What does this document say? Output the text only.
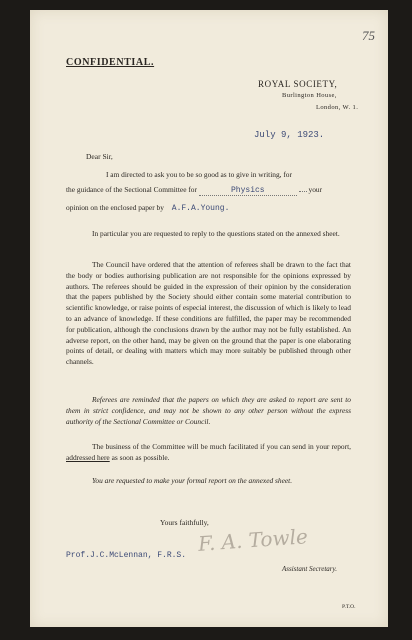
75
CONFIDENTIAL.
ROYAL SOCIETY,
Burlington House,
London, W. 1.
July 9, 1923.
Dear Sir,
I am directed to ask you to be so good as to give in writing, for
the guidance of the Sectional Committee for	Physics	your
opinion on the enclosed paper by A.F.A.Young.
In particular you are requested to reply to the questions stated on the annexed sheet.
The Council have ordered that the attention of referees shall be drawn to the fact that the body or bodies authorising publication are not responsible for the opinions expressed by authors. The referees should be guided in the expression of their opinion by the consideration that the papers published by the Society should either contain some material contribution to scientific knowledge, or raise points of especial interest, the discussion of which is likely to lead to an advance of knowledge. If these conditions are fulfilled, the paper may be recommended for publication, although the conclusions drawn by the author may not be fully established. An adverse report, on the other hand, may be given on the ground that the paper is one elaborating points of detail, or dealing with matters which may more suitably be published through other channels.
Referees are reminded that the papers on which they are asked to report are sent to them in strict confidence, and may not be shown to any other person without the express authority of the Sectional Committee or Council.
The business of the Committee will be much facilitated if you can send in your report, addressed here as soon as possible.
You are requested to make your formal report on the annexed sheet.
Yours faithfully,
F. A. Towle
Prof.J.C.McLennan, F.R.S.
Assistant Secretary.
P.T.O.
